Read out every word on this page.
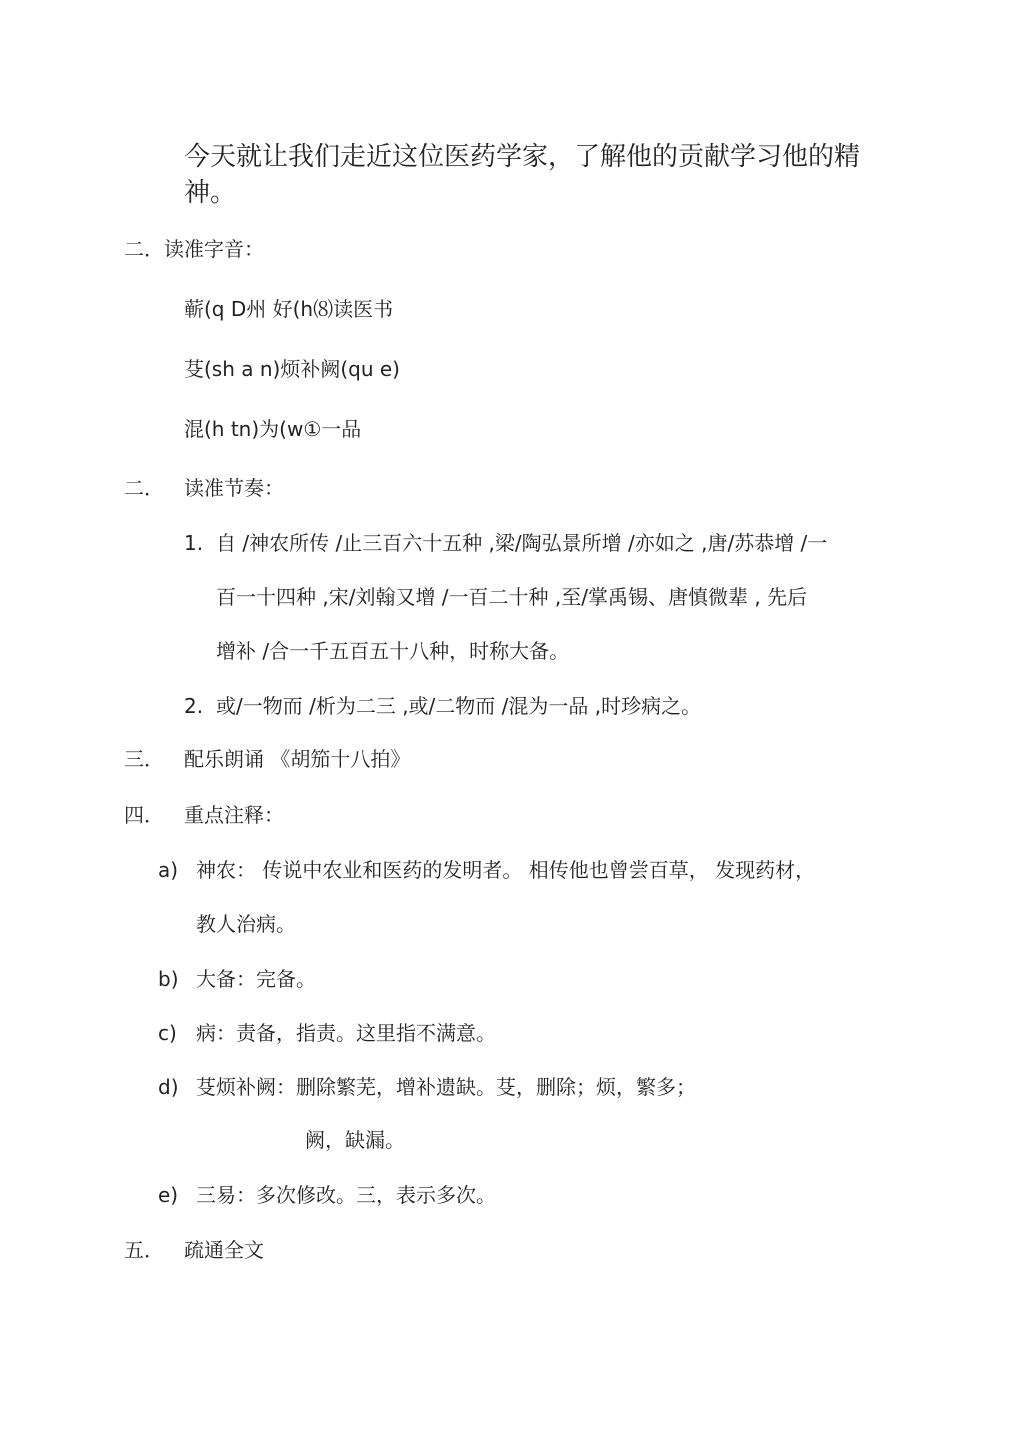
今天就让我们走近这位医药学家，了解他的贡献学习他的精
神。
二．读准字音：
蕲(q D州 好(h⑻读医书
芟(sh a n)烦补阙(qu e)
混(h tn)为(w①一品
二． 读准节奏：
1. 自 /神农所传 /止三百六十五种 ,梁/陶弘景所增 /亦如之 ,唐/苏恭增 /一
百一十四种 ,宋/刘翰又增 /一百二十种 ,至/掌禹锡、唐慎微辈 , 先后
增补 /合一千五百五十八种，时称大备。
2. 或/一物而 /析为二三 ,或/二物而 /混为一品 ,时珍病之。
三． 配乐朗诵 《胡笳十八拍》
四． 重点注释：
a) 神农： 传说中农业和医药的发明者。 相传他也曾尝百草， 发现药材，
教人治病。
b) 大备：完备。
c) 病：责备，指责。这里指不满意。
d) 芟烦补阙：删除繁芜，增补遗缺。芟，删除；烦，繁多；
阙，缺漏。
e) 三易：多次修改。三，表示多次。
五． 疏通全文
